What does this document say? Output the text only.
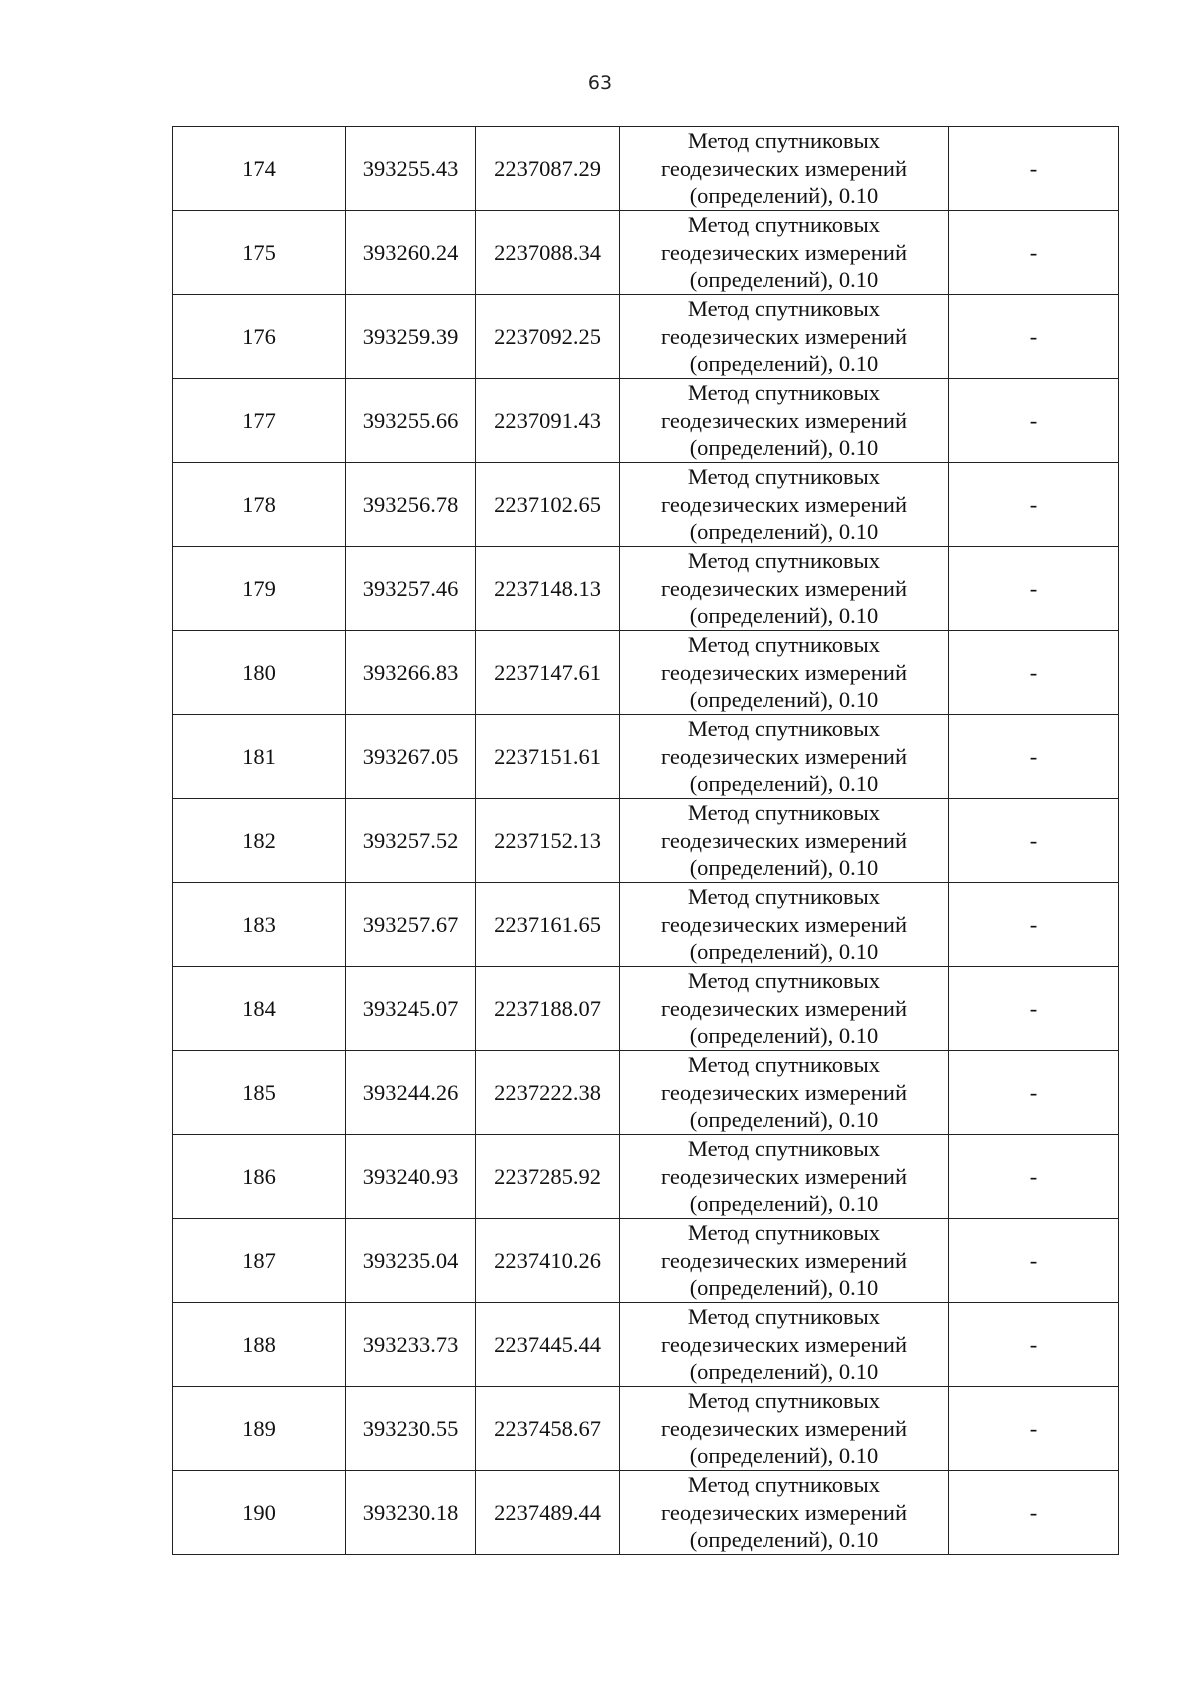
63
174	393255.43	2237087.29	Метод спутниковых
геодезических измерений
(определений), 0.10	-
175	393260.24	2237088.34	Метод спутниковых
геодезических измерений
(определений), 0.10	-
176	393259.39	2237092.25	Метод спутниковых
геодезических измерений
(определений), 0.10	-
177	393255.66	2237091.43	Метод спутниковых
геодезических измерений
(определений), 0.10	-
178	393256.78	2237102.65	Метод спутниковых
геодезических измерений
(определений), 0.10	-
179	393257.46	2237148.13	Метод спутниковых
геодезических измерений
(определений), 0.10	-
180	393266.83	2237147.61	Метод спутниковых
геодезических измерений
(определений), 0.10	-
181	393267.05	2237151.61	Метод спутниковых
геодезических измерений
(определений), 0.10	-
182	393257.52	2237152.13	Метод спутниковых
геодезических измерений
(определений), 0.10	-
183	393257.67	2237161.65	Метод спутниковых
геодезических измерений
(определений), 0.10	-
184	393245.07	2237188.07	Метод спутниковых
геодезических измерений
(определений), 0.10	-
185	393244.26	2237222.38	Метод спутниковых
геодезических измерений
(определений), 0.10	-
186	393240.93	2237285.92	Метод спутниковых
геодезических измерений
(определений), 0.10	-
187	393235.04	2237410.26	Метод спутниковых
геодезических измерений
(определений), 0.10	-
188	393233.73	2237445.44	Метод спутниковых
геодезических измерений
(определений), 0.10	-
189	393230.55	2237458.67	Метод спутниковых
геодезических измерений
(определений), 0.10	-
190	393230.18	2237489.44	Метод спутниковых
геодезических измерений
(определений), 0.10	-
